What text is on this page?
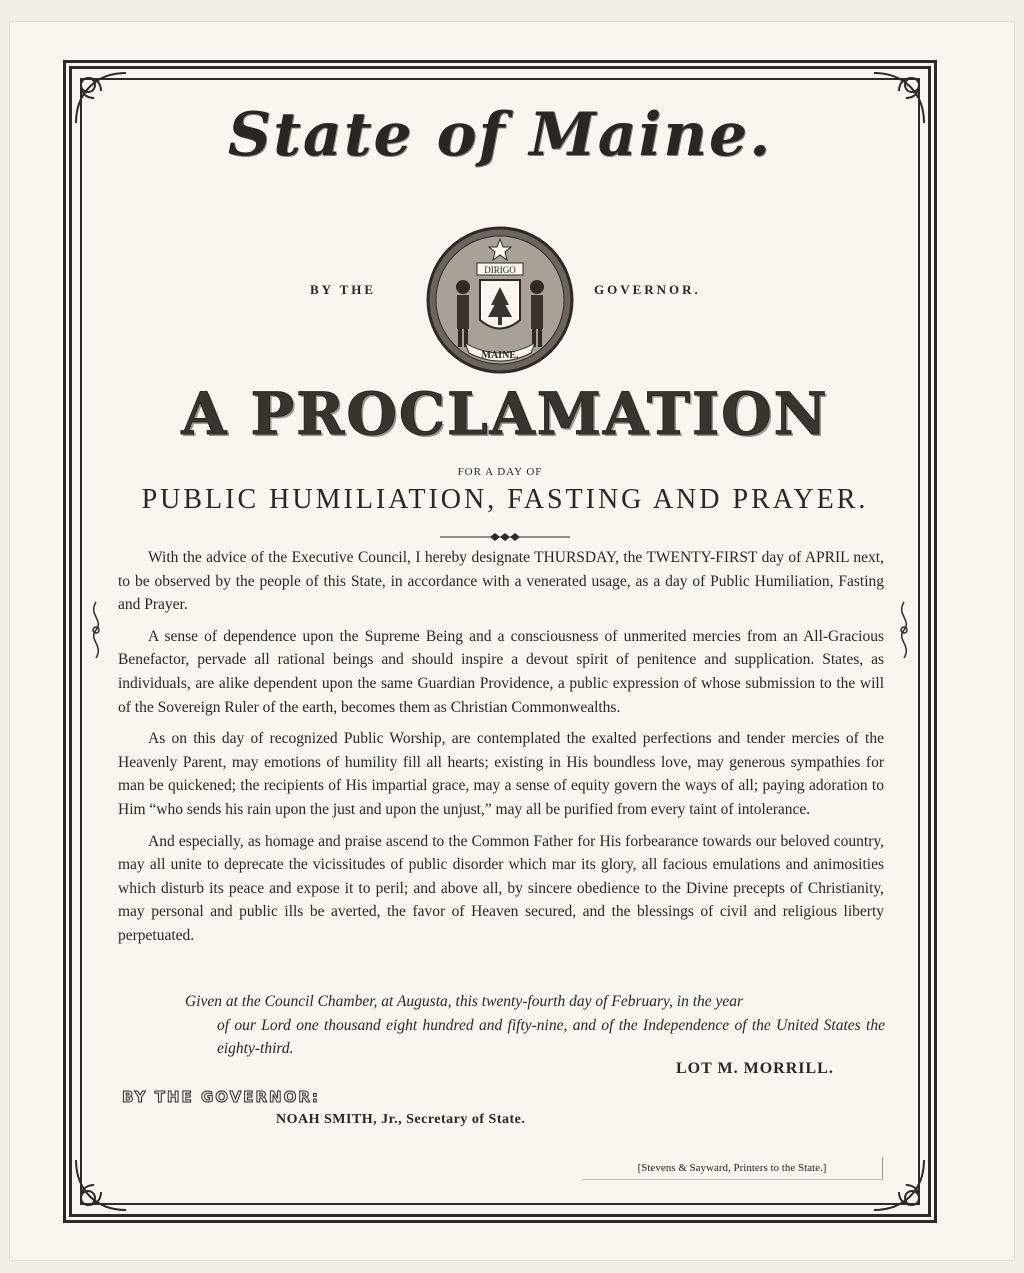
State of Maine.
BY THE	GOVERNOR.
DIRIGO
MAINE.
A PROCLAMATION
FOR A DAY OF
PUBLIC HUMILIATION, FASTING AND PRAYER.

With the advice of the Executive Council, I hereby designate THURSDAY, the TWENTY-FIRST day of APRIL next, to be observed by the people of this State, in accordance with a venerated usage, as a day of Public Humiliation, Fasting and Prayer.

A sense of dependence upon the Supreme Being and a consciousness of unmerited mercies from an All-Gracious Benefactor, pervade all rational beings and should inspire a devout spirit of penitence and supplication. States, as individuals, are alike dependent upon the same Guardian Providence, a public expression of whose submission to the will of the Sovereign Ruler of the earth, becomes them as Christian Commonwealths.

As on this day of recognized Public Worship, are contemplated the exalted perfections and tender mercies of the Heavenly Parent, may emotions of humility fill all hearts; existing in His boundless love, may generous sympathies for man be quickened; the recipients of His impartial grace, may a sense of equity govern the ways of all; paying adoration to Him “who sends his rain upon the just and upon the unjust,” may all be purified from every taint of intolerance.

And especially, as homage and praise ascend to the Common Father for His forbearance towards our beloved country, may all unite to deprecate the vicissitudes of public disorder which mar its glory, all facious emulations and animosities which disturb its peace and expose it to peril; and above all, by sincere obedience to the Divine precepts of Christianity, may personal and public ills be averted, the favor of Heaven secured, and the blessings of civil and religious liberty perpetuated.

Given at the Council Chamber, at Augusta, this twenty-fourth day of February, in the year
of our Lord one thousand eight hundred and fifty-nine, and of the Independence of the United States the eighty-third.
LOT M. MORRILL.
BY THE GOVERNOR:
NOAH SMITH, Jr., Secretary of State.
[Stevens & Sayward, Printers to the State.]
